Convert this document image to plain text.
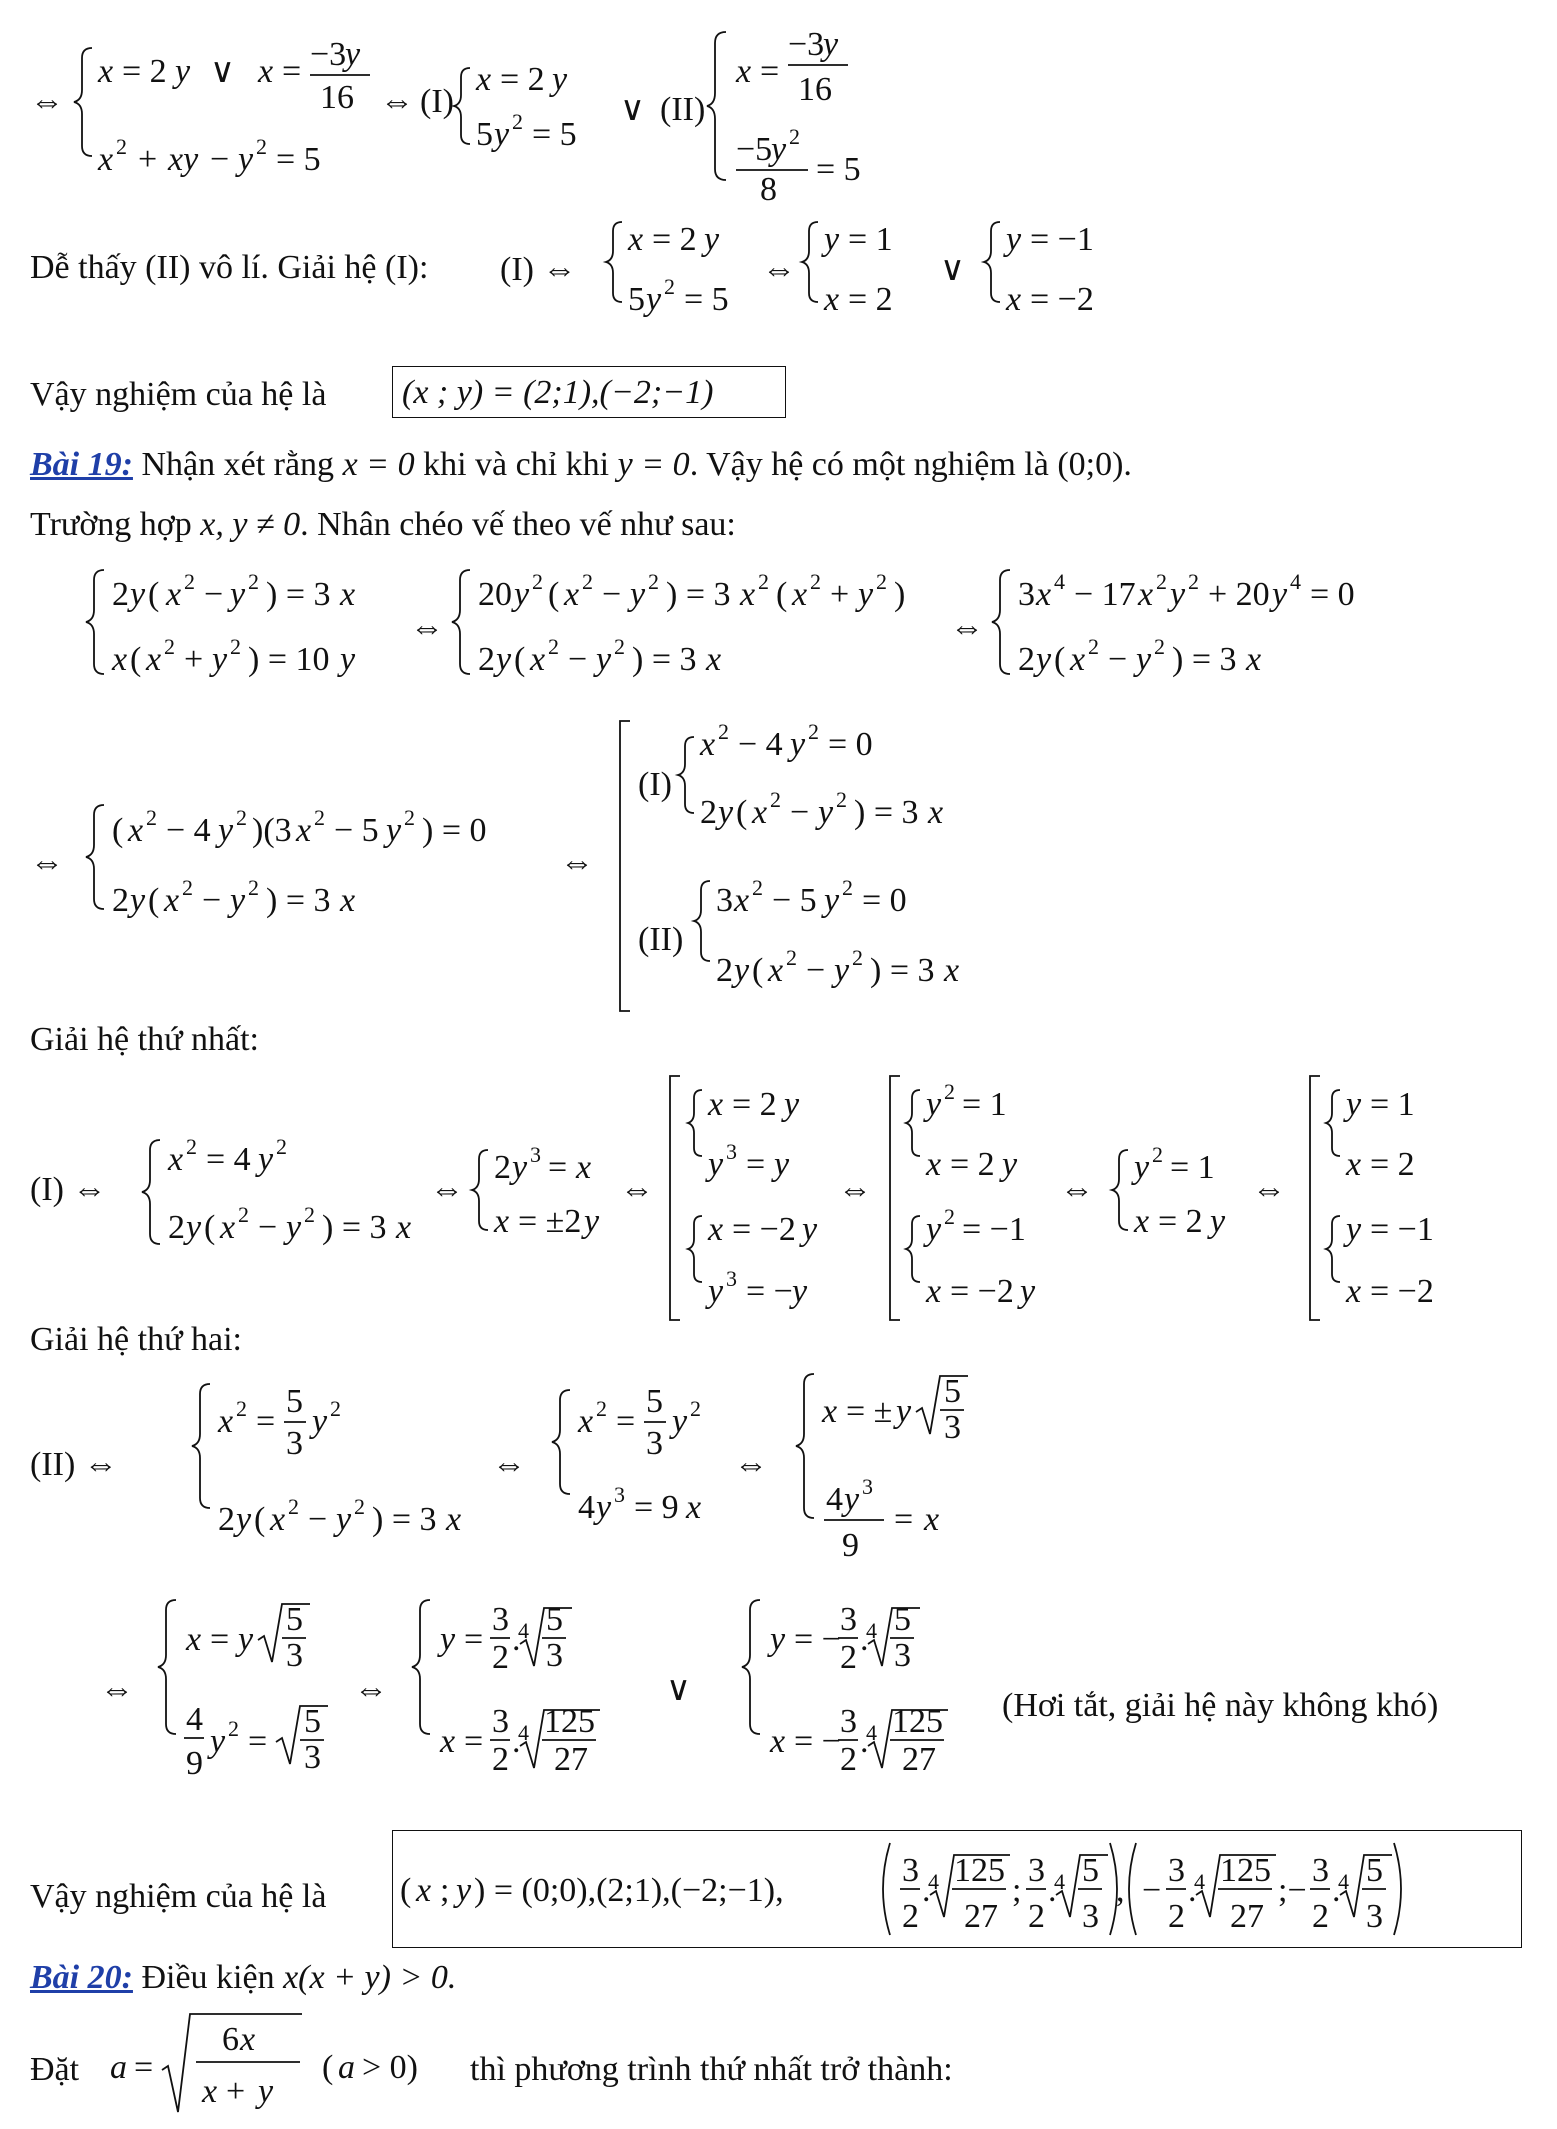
⇔
x = 2 y ∨ x = −3
y
16
x 2 + xy − y 2 = 5
⇔ (I)
x = 2 y
5 y 2 = 5
∨ (II)
x =
−3
y
16
−5
y 2
8
= 5
Dễ thấy (II) vô lí. Giải hệ (I): (I) ⇔
x = 2 y
5 y 2 = 5
⇔
y = 1
x = 2
∨
y = −1
x = −2
Vậy nghiệm của hệ là (x ; y) = (2;1),(−2;−1)
Bài 19: Nhận xét rằng x = 0 khi và chỉ khi y = 0. Vậy hệ có một nghiệm là (0;0).
Trường hợp x, y ≠ 0. Nhân chéo vế theo vế như sau:
2 y ( x 2 − y 2 ) = 3 x
x ( x 2 + y 2 ) = 10 y
⇔
20 y 2 ( x 2 − y 2 ) = 3 x 2 ( x 2 + y 2 )
2 y ( x 2 − y 2 ) = 3 x
⇔
3 x 4 − 17 x 2 y 2 + 20 y 4 = 0
2 y ( x 2 − y 2 ) = 3 x
⇔
( x 2 − 4 y 2 )(3 x 2 − 5 y 2 ) = 0
2 y ( x 2 − y 2 ) = 3 x
⇔
(I)
x 2 − 4 y 2 = 0
2 y ( x 2 − y 2 ) = 3 x
(II)
3 x 2 − 5 y 2 = 0
2 y ( x 2 − y 2 ) = 3 x
Giải hệ thứ nhất:
(I) ⇔
x 2 = 4 y 2
2 y ( x 2 − y 2 ) = 3 x
⇔
2 y 3 = x
x = ±2 y
⇔
x = 2 y
y 3 = y
x = −2 y
y 3 = − y
⇔
y 2 = 1
x = 2 y
y 2 = −1
x = −2 y
⇔
y 2 = 1
x = 2 y
⇔
y = 1
x = 2
y = −1
x = −2
Giải hệ thứ hai:
(II) ⇔
x 2 =
5
3
y 2
2 y ( x 2 − y 2 ) = 3 x
⇔
x 2 =
5
3
y 2
4 y 3 = 9 x
⇔
x = ± y
5
3
4 y 3
9
= x
⇔
x = y
5
3
4
9
y 2 =
5
3
⇔
y =
3
2 .
4 5
3
x =
3
2 .
4 125
27
∨
y = −
3
2 .
4 5
3
x = −
3
2 .
4 125
27
(Hơi tắt, giải hệ này không khó)
Vậy nghiệm của hệ là ( x ; y ) = (0;0),(2;1),(−2;−1),
3
2
.
4 125
27
;
3
2
.
4 5
3
, −
3
2
.
4 125
27
;−
3
2
.
4 5
3
Bài 20: Điều kiện x(x + y) > 0.
Đặt a =
6 x
x + y
( a > 0) thì phương trình thứ nhất trở thành:
